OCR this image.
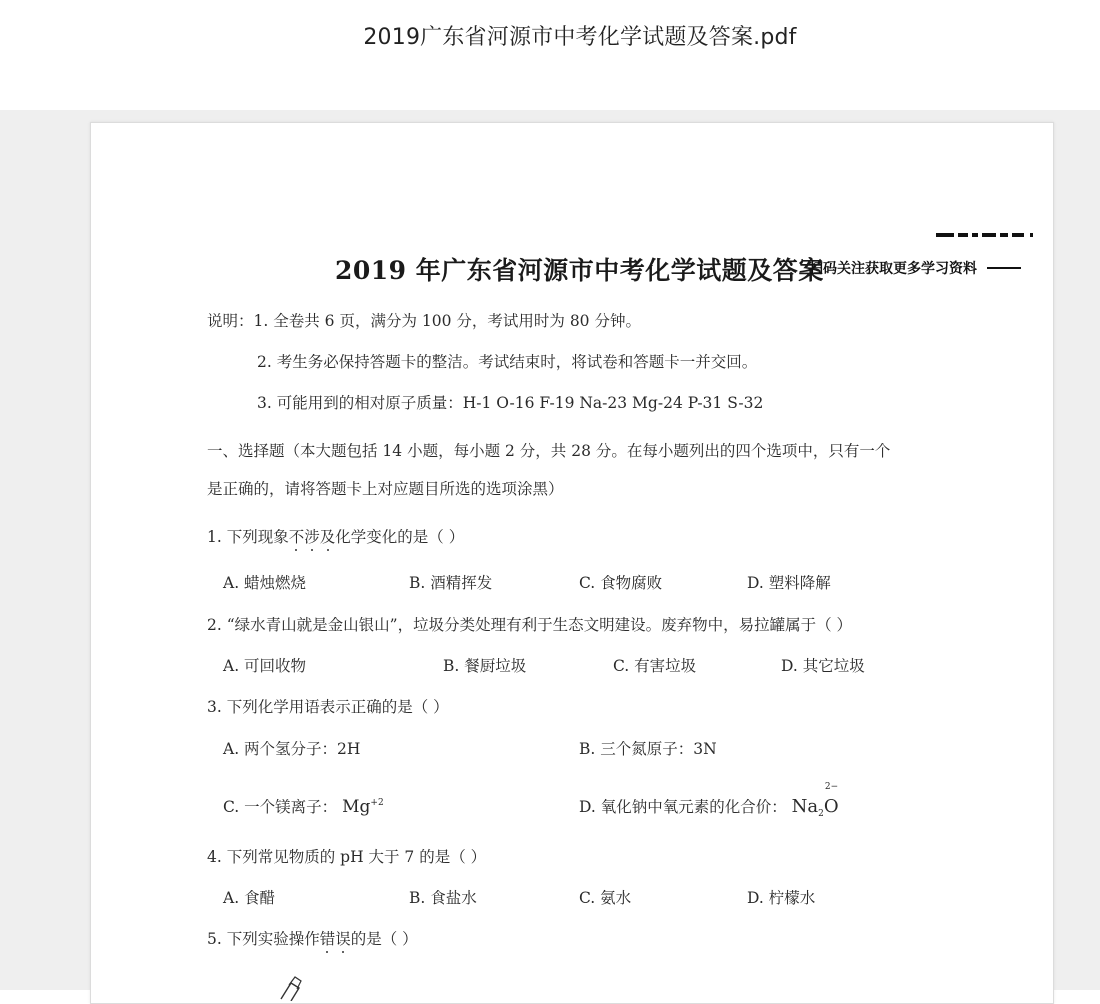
2019广东省河源市中考化学试题及答案.pdf
2019 年广东省河源市中考化学试题及答案
扫码关注获取更多学习资料
说明：1. 全卷共 6 页，满分为 100 分，考试用时为 80 分钟。
2. 考生务必保持答题卡的整洁。考试结束时，将试卷和答题卡一并交回。
3. 可能用到的相对原子质量：H-1 O-16 F-19 Na-23 Mg-24 P-31 S-32
一、选择题（本大题包括 14 小题，每小题 2 分，共 28 分。在每小题列出的四个选项中，只有一个
是正确的，请将答题卡上对应题目所选的选项涂黑）
1. 下列现象不涉及化学变化的是（ ）
A. 蜡烛燃烧	B. 酒精挥发	C. 食物腐败	D. 塑料降解
2. “绿水青山就是金山银山”，垃圾分类处理有利于生态文明建设。废弃物中，易拉罐属于（ ）
A. 可回收物	B. 餐厨垃圾	C. 有害垃圾	D. 其它垃圾
3. 下列化学用语表示正确的是（ ）
A. 两个氢分子：2H	B. 三个氮原子：3N
C. 一个镁离子： $Mg^{+2}$	D. 氧化钠中氧元素的化合价： $Na_2$
2−
O
4. 下列常见物质的 pH 大于 7 的是（ ）
A. 食醋	B. 食盐水	C. 氨水	D. 柠檬水
5. 下列实验操作错误的是（ ）
